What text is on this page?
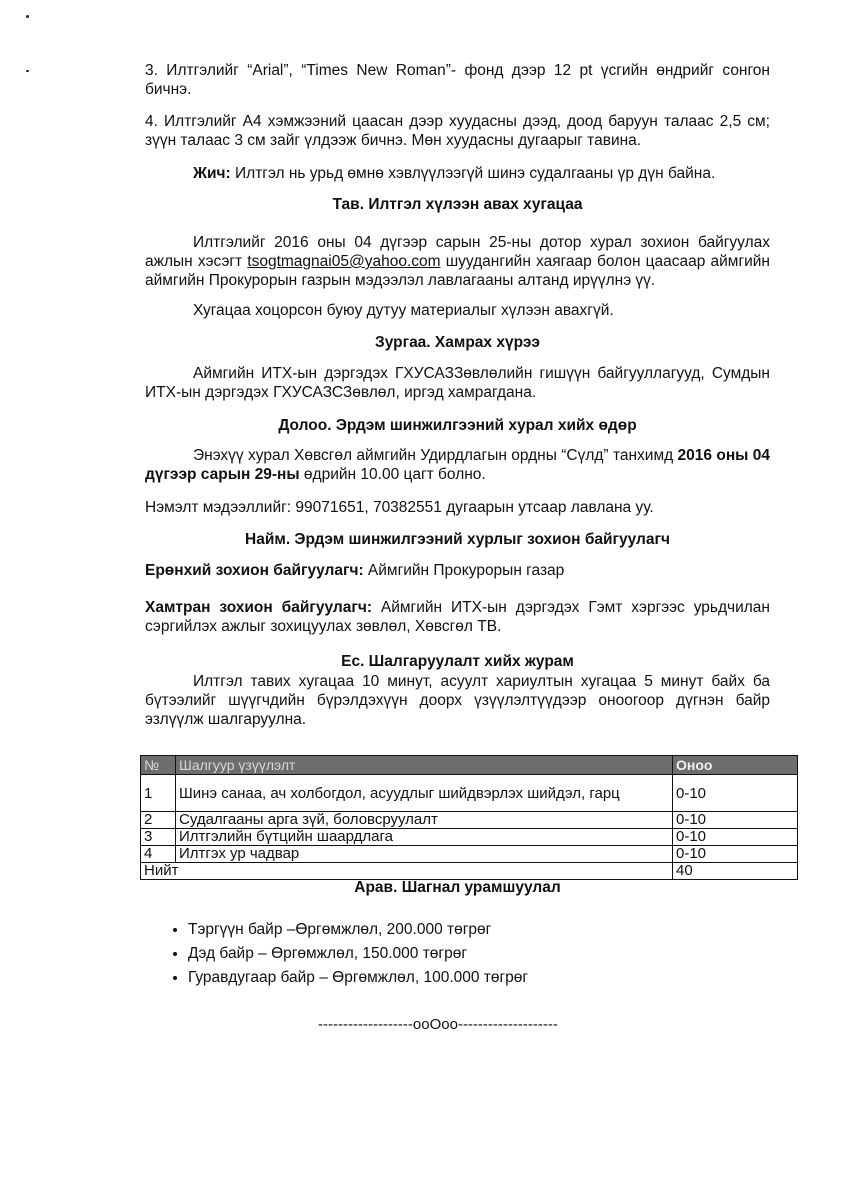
3. Илтгэлийг “Arial”, “Times New Roman”- фонд дээр 12 pt үсгийн өндрийг сонгон бичнэ.

4. Илтгэлийг А4 хэмжээний цаасан дээр хуудасны дээд, доод баруун талаас 2,5 см; зүүн талаас 3 см зайг үлдээж бичнэ. Мөн хуудасны дугаарыг тавина.

Жич: Илтгэл нь урьд өмнө хэвлүүлээгүй шинэ судалгааны үр дүн байна.

Тав. Илтгэл хүлээн авах хугацаа

Илтгэлийг 2016 оны 04 дүгээр сарын 25-ны дотор хурал зохион байгуулах ажлын хэсэгт tsogtmagnai05@yahoo.com шуудангийн хаягаар болон цаасаар аймгийн аймгийн Прокурорын газрын мэдээлэл лавлагааны алтанд ирүүлнэ үү.

Хугацаа хоцорсон буюу дутуу материалыг хүлээн авахгүй.

Зургаа. Хамрах хүрээ

Аймгийн ИТХ-ын дэргэдэх ГХУСАЗЗөвлөлийн гишүүн байгууллагууд, Сумдын ИТХ-ын дэргэдэх ГХУСАЗСЗөвлөл, иргэд хамрагдана.

Долоо. Эрдэм шинжилгээний хурал хийх өдөр

Энэхүү хурал Хөвсгөл аймгийн Удирдлагын ордны “Сүлд” танхимд 2016 оны 04 дүгээр сарын 29-ны өдрийн 10.00 цагт болно.

Нэмэлт мэдээллийг: 99071651, 70382551 дугаарын утсаар лавлана уу.

Найм. Эрдэм шинжилгээний хурлыг зохион байгуулагч

Ерөнхий зохион байгуулагч: Аймгийн Прокурорын газар

Хамтран зохион байгуулагч: Аймгийн ИТХ-ын дэргэдэх Гэмт хэргээс урьдчилан сэргийлэх ажлыг зохицуулах зөвлөл, Хөвсгөл ТВ.

Ес. Шалгаруулалт хийх журам

Илтгэл тавих хугацаа 10 минут, асуулт хариултын хугацаа 5 минут байх ба бүтээлийг шүүгчдийн бүрэлдэхүүн доорх үзүүлэлтүүдээр оноогоор дүгнэн байр эзлүүлж шалгаруулна.

№	Шалгуур үзүүлэлт	Оноо
1	Шинэ санаа, ач холбогдол, асуудлыг шийдвэрлэх шийдэл, гарц	0-10
2	Судалгааны арга зүй, боловсруулалт	0-10
3	Илтгэлийн бүтцийн шаардлага	0-10
4	Илтгэх ур чадвар	0-10
Нийт		40

Арав. Шагнал урамшуулал

• Тэргүүн байр –Өргөмжлөл, 200.000 төгрөг
• Дэд байр – Өргөмжлөл, 150.000 төгрөг
• Гуравдугаар байр – Өргөмжлөл, 100.000 төгрөг
-------------------ooOoo--------------------
